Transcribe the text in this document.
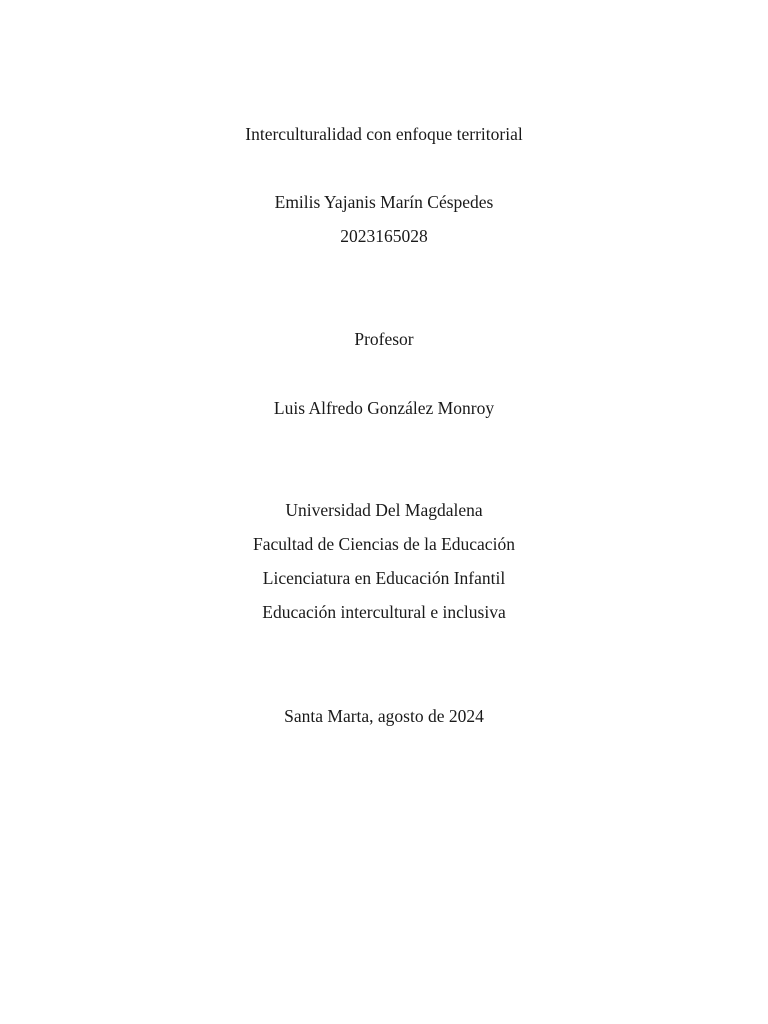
Interculturalidad con enfoque territorial
Emilis Yajanis Marín Céspedes
2023165028
Profesor
Luis Alfredo González Monroy
Universidad Del Magdalena
Facultad de Ciencias de la Educación
Licenciatura en Educación Infantil
Educación intercultural e inclusiva
Santa Marta, agosto de 2024
